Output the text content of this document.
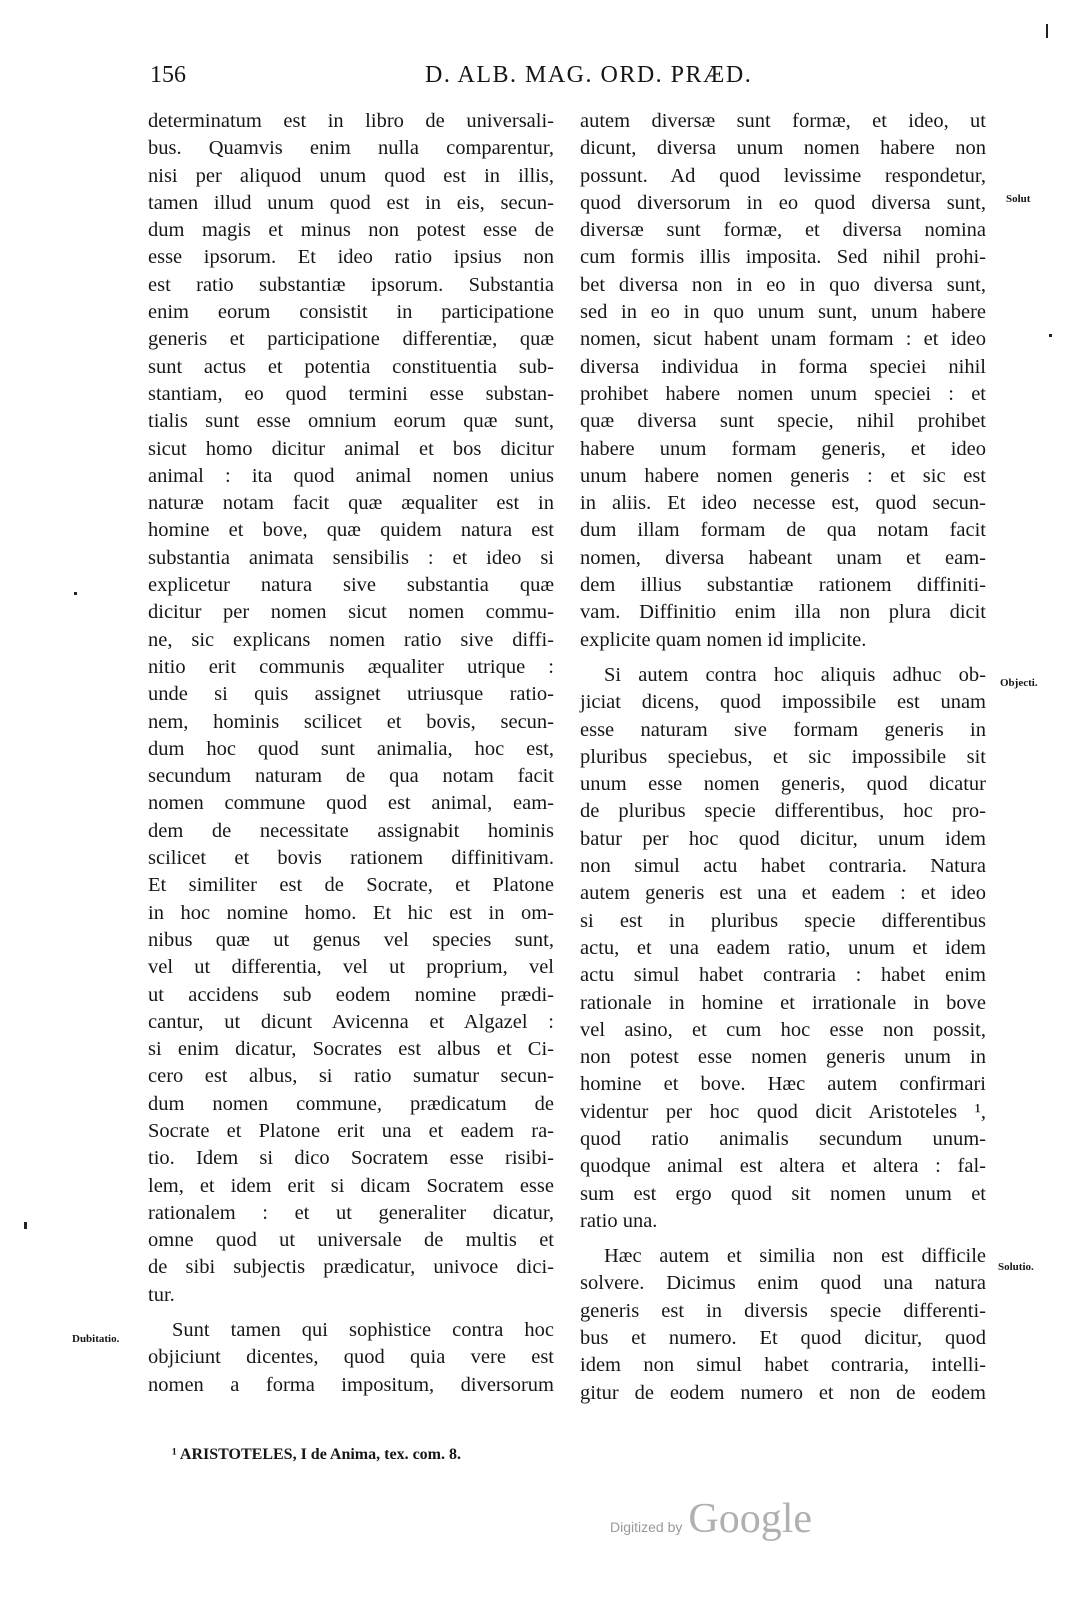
156	D. ALB. MAG. ORD. PRÆD.
determinatum est in libro de universali-
bus. Quamvis enim nulla comparentur,
nisi per aliquod unum quod est in illis,
tamen illud unum quod est in eis, secun-
dum magis et minus non potest esse de
esse ipsorum. Et ideo ratio ipsius non
est ratio substantiæ ipsorum. Substantia
enim eorum consistit in participatione
generis et participatione differentiæ, quæ
sunt actus et potentia constituentia sub-
stantiam, eo quod termini esse substan-
tialis sunt esse omnium eorum quæ sunt,
sicut homo dicitur animal et bos dicitur
animal : ita quod animal nomen unius
naturæ notam facit quæ æqualiter est in
homine et bove, quæ quidem natura est
substantia animata sensibilis : et ideo si
explicetur natura sive substantia quæ
dicitur per nomen sicut nomen commu-
ne, sic explicans nomen ratio sive diffi-
nitio erit communis æqualiter utrique :
unde si quis assignet utriusque ratio-
nem, hominis scilicet et bovis, secun-
dum hoc quod sunt animalia, hoc est,
secundum naturam de qua notam facit
nomen commune quod est animal, eam-
dem de necessitate assignabit hominis
scilicet et bovis rationem diffinitivam.
Et similiter est de Socrate, et Platone
in hoc nomine homo. Et hic est in om-
nibus quæ ut genus vel species sunt,
vel ut differentia, vel ut proprium, vel
ut accidens sub eodem nomine prædi-
cantur, ut dicunt Avicenna et Algazel :
si enim dicatur, Socrates est albus et Ci-
cero est albus, si ratio sumatur secun-
dum nomen commune, prædicatum de
Socrate et Platone erit una et eadem ra-
tio. Idem si dico Socratem esse risibi-
lem, et idem erit si dicam Socratem esse
rationalem : et ut generaliter dicatur,
omne quod ut universale de multis et
de sibi subjectis prædicatur, univoce dici-
tur.
Sunt tamen qui sophistice contra hoc
objiciunt dicentes, quod quia vere est
nomen a forma impositum, diversorum
autem diversæ sunt formæ, et ideo, ut
dicunt, diversa unum nomen habere non
possunt. Ad quod levissime respondetur,
quod diversorum in eo quod diversa sunt,
diversæ sunt formæ, et diversa nomina
cum formis illis imposita. Sed nihil prohi-
bet diversa non in eo in quo diversa sunt,
sed in eo in quo unum sunt, unum habere
nomen, sicut habent unam formam : et ideo
diversa individua in forma speciei nihil
prohibet habere nomen unum speciei : et
quæ diversa sunt specie, nihil prohibet
habere unum formam generis, et ideo
unum habere nomen generis : et sic est
in aliis. Et ideo necesse est, quod secun-
dum illam formam de qua notam facit
nomen, diversa habeant unam et eam-
dem illius substantiæ rationem diffiniti-
vam. Diffinitio enim illa non plura dicit
explicite quam nomen id implicite.
Si autem contra hoc aliquis adhuc ob-
jiciat dicens, quod impossibile est unam
esse naturam sive formam generis in
pluribus speciebus, et sic impossibile sit
unum esse nomen generis, quod dicatur
de pluribus specie differentibus, hoc pro-
batur per hoc quod dicitur, unum idem
non simul actu habet contraria. Natura
autem generis est una et eadem : et ideo
si est in pluribus specie differentibus
actu, et una eadem ratio, unum et idem
actu simul habet contraria : habet enim
rationale in homine et irrationale in bove
vel asino, et cum hoc esse non possit,
non potest esse nomen generis unum in
homine et bove. Hæc autem confirmari
videntur per hoc quod dicit Aristoteles ¹,
quod ratio animalis secundum unum-
quodque animal est altera et altera : fal-
sum est ergo quod sit nomen unum et
ratio una.
Hæc autem et similia non est difficile
solvere. Dicimus enim quod una natura
generis est in diversis specie differenti-
bus et numero. Et quod dicitur, quod
idem non simul habet contraria, intelli-
gitur de eodem numero et non de eodem
Dubitatio.
Solut
Objecti.
Solutio.
¹ ARISTOTELES, I de Anima, tex. com. 8.
Digitized by Google
